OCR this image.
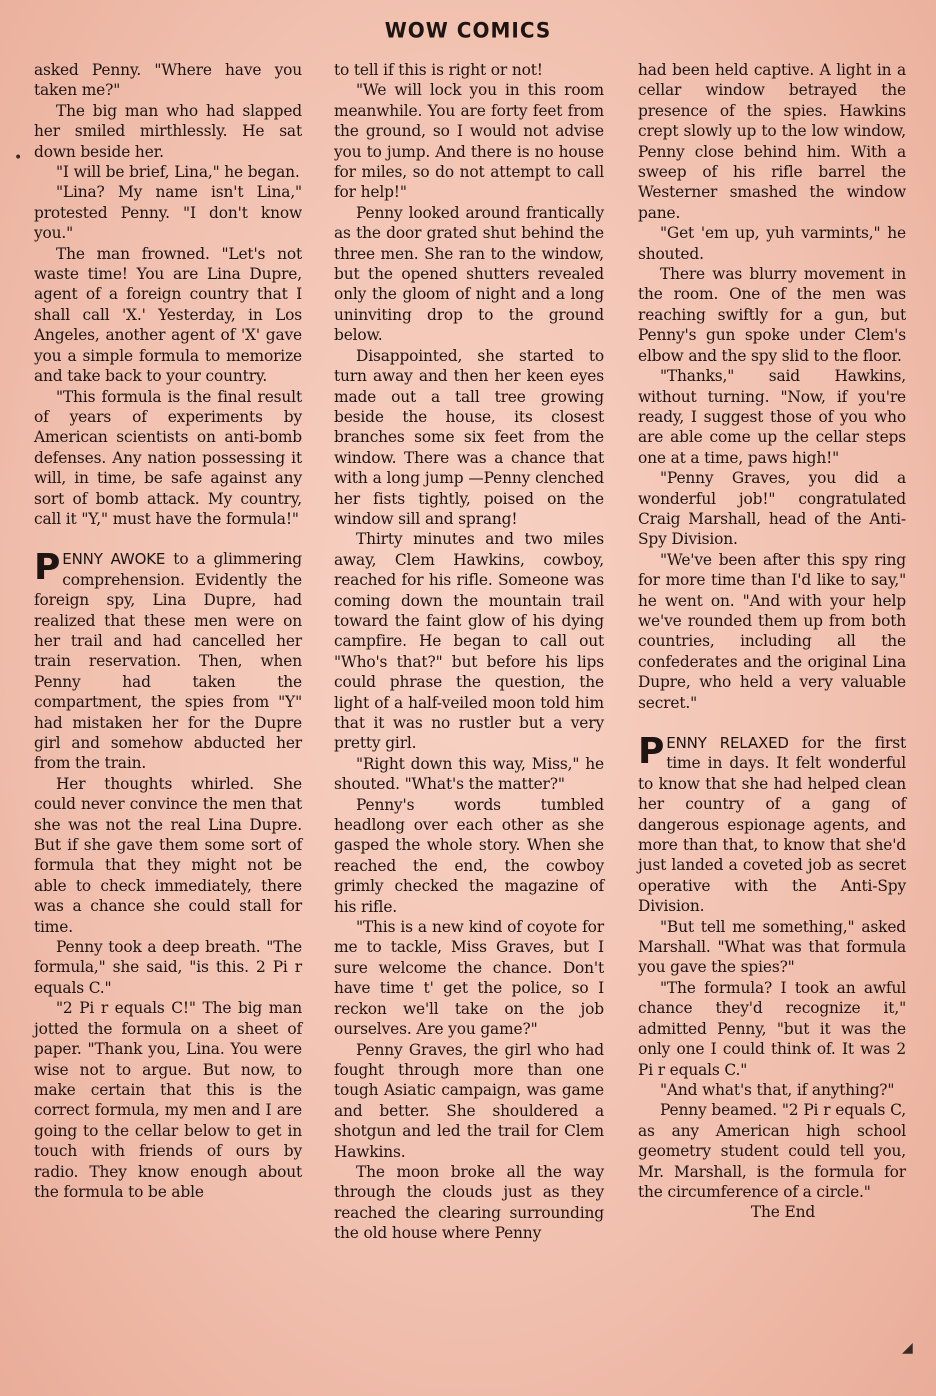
WOW COMICS
•
◢

asked Penny. "Where have you taken me?"

The big man who had slapped her smiled mirthlessly. He sat down beside her.

"I will be brief, Lina," he began.

"Lina? My name isn't Lina," protested Penny. "I don't know you."

The man frowned. "Let's not waste time! You are Lina Dupre, agent of a foreign country that I shall call 'X.' Yesterday, in Los Angeles, another agent of 'X' gave you a simple formula to memorize and take back to your country.

"This formula is the final result of years of experiments by American scientists on anti-bomb defenses. Any nation possessing it will, in time, be safe against any sort of bomb attack. My country, call it "Y," must have the formula!"

PENNY AWOKE to a glimmering comprehension. Evidently the foreign spy, Lina Dupre, had realized that these men were on her trail and had cancelled her train reservation. Then, when Penny had taken the compartment, the spies from "Y" had mistaken her for the Dupre girl and somehow abducted her from the train.

Her thoughts whirled. She could never convince the men that she was not the real Lina Dupre. But if she gave them some sort of formula that they might not be able to check immediately, there was a chance she could stall for time.

Penny took a deep breath. "The formula," she said, "is this. 2 Pi r equals C."

"2 Pi r equals C!" The big man jotted the formula on a sheet of paper. "Thank you, Lina. You were wise not to argue. But now, to make certain that this is the correct formula, my men and I are going to the cellar below to get in touch with friends of ours by radio. They know enough about the formula to be able

to tell if this is right or not!

"We will lock you in this room meanwhile. You are forty feet from the ground, so I would not advise you to jump. And there is no house for miles, so do not attempt to call for help!"

Penny looked around frantically as the door grated shut behind the three men. She ran to the window, but the opened shutters revealed only the gloom of night and a long uninviting drop to the ground below.

Disappointed, she started to turn away and then her keen eyes made out a tall tree growing beside the house, its closest branches some six feet from the window. There was a chance that with a long jump —Penny clenched her fists tightly, poised on the window sill and sprang!

Thirty minutes and two miles away, Clem Hawkins, cowboy, reached for his rifle. Someone was coming down the mountain trail toward the faint glow of his dying campfire. He began to call out "Who's that?" but before his lips could phrase the question, the light of a half-veiled moon told him that it was no rustler but a very pretty girl.

"Right down this way, Miss," he shouted. "What's the matter?"

Penny's words tumbled headlong over each other as she gasped the whole story. When she reached the end, the cowboy grimly checked the magazine of his rifle.

"This is a new kind of coyote for me to tackle, Miss Graves, but I sure welcome the chance. Don't have time t' get the police, so I reckon we'll take on the job ourselves. Are you game?"

Penny Graves, the girl who had fought through more than one tough Asiatic campaign, was game and better. She shouldered a shotgun and led the trail for Clem Hawkins.

The moon broke all the way through the clouds just as they reached the clearing surrounding the old house where Penny

had been held captive. A light in a cellar window betrayed the presence of the spies. Hawkins crept slowly up to the low window, Penny close behind him. With a sweep of his rifle barrel the Westerner smashed the window pane.

"Get 'em up, yuh varmints," he shouted.

There was blurry movement in the room. One of the men was reaching swiftly for a gun, but Penny's gun spoke under Clem's elbow and the spy slid to the floor.

"Thanks," said Hawkins, without turning. "Now, if you're ready, I suggest those of you who are able come up the cellar steps one at a time, paws high!"

"Penny Graves, you did a wonderful job!" congratulated Craig Marshall, head of the Anti-Spy Division.

"We've been after this spy ring for more time than I'd like to say," he went on. "And with your help we've rounded them up from both countries, including all the confederates and the original Lina Dupre, who held a very valuable secret."

PENNY RELAXED for the first time in days. It felt wonderful to know that she had helped clean her country of a gang of dangerous espionage agents, and more than that, to know that she'd just landed a coveted job as secret operative with the Anti-Spy Division.

"But tell me something," asked Marshall. "What was that formula you gave the spies?"

"The formula? I took an awful chance they'd recognize it," admitted Penny, "but it was the only one I could think of. It was 2 Pi r equals C."

"And what's that, if anything?"

Penny beamed. "2 Pi r equals C, as any American high school geometry student could tell you, Mr. Marshall, is the formula for the circumference of a circle."

The End
